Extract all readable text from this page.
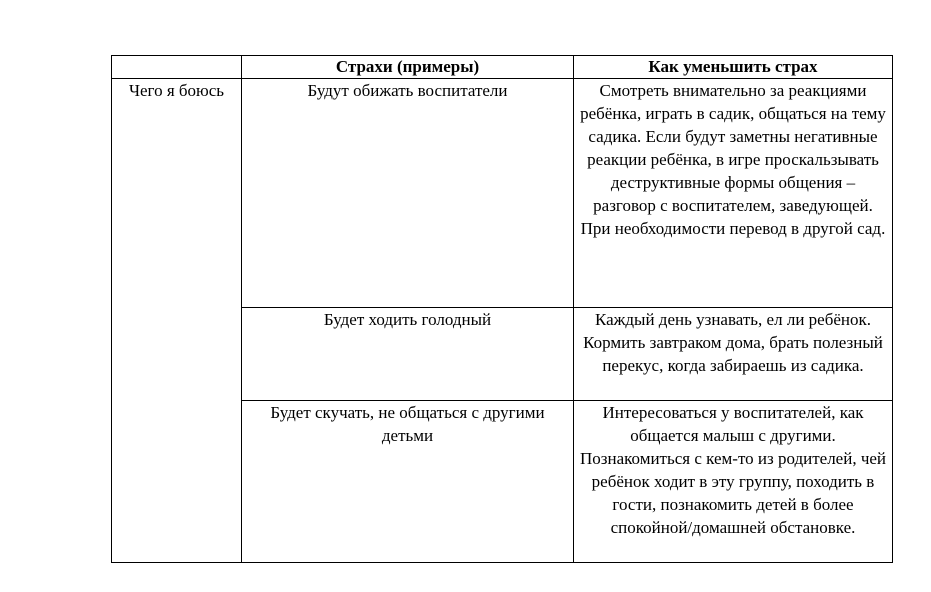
	Страхи (примеры)	Как уменьшить страх

Чего я боюсь	Будут обижать воспитатели	Смотреть внимательно за реакциями ребёнка, играть в садик, общаться на тему садика. Если будут заметны негативные реакции ребёнка, в игре проскальзывать деструктивные формы общения – разговор с воспитателем, заведующей. При необходимости перевод в другой сад.
	Будет ходить голодный	Каждый день узнавать, ел ли ребёнок. Кормить завтраком дома, брать полезный перекус, когда забираешь из садика.
	Будет скучать, не общаться с другими детьми	Интересоваться у воспитателей, как общается малыш с другими. Познакомиться с кем-то из родителей, чей ребёнок ходит в эту группу, походить в гости, познакомить детей в более спокойной/домашней обстановке.
